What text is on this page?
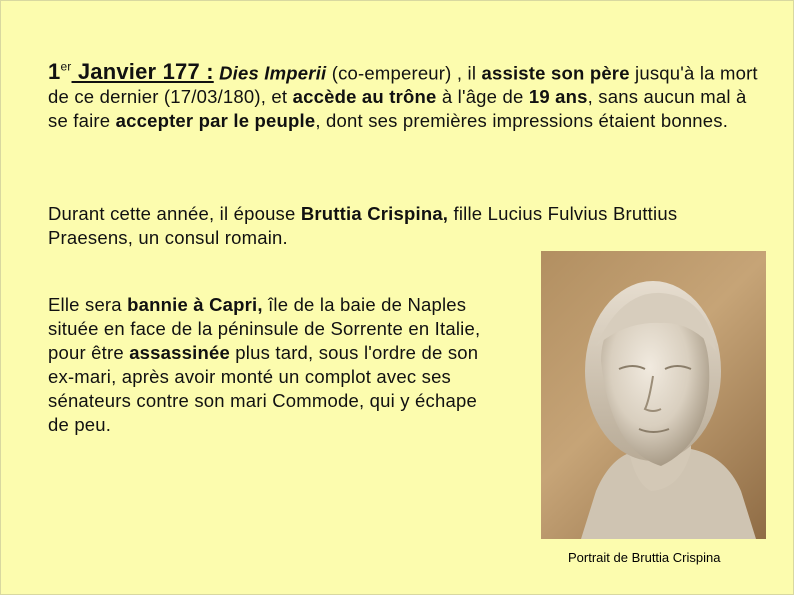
1er Janvier 177 : Dies Imperii (co-empereur) , il assiste son père jusqu'à la mort de ce dernier (17/03/180), et accède au trône à l'âge de 19 ans, sans aucun mal à se faire accepter par le peuple, dont ses premières impressions étaient bonnes.
Durant cette année, il épouse Bruttia Crispina, fille Lucius Fulvius Bruttius Praesens, un consul romain.
Elle sera bannie à Capri, île de la baie de Naples située en face de la péninsule de Sorrente en Italie, pour être assassinée plus tard, sous l'ordre de son ex-mari, après avoir monté un complot avec ses sénateurs contre son mari Commode, qui y échape de peu.
Portrait de Bruttia Crispina
